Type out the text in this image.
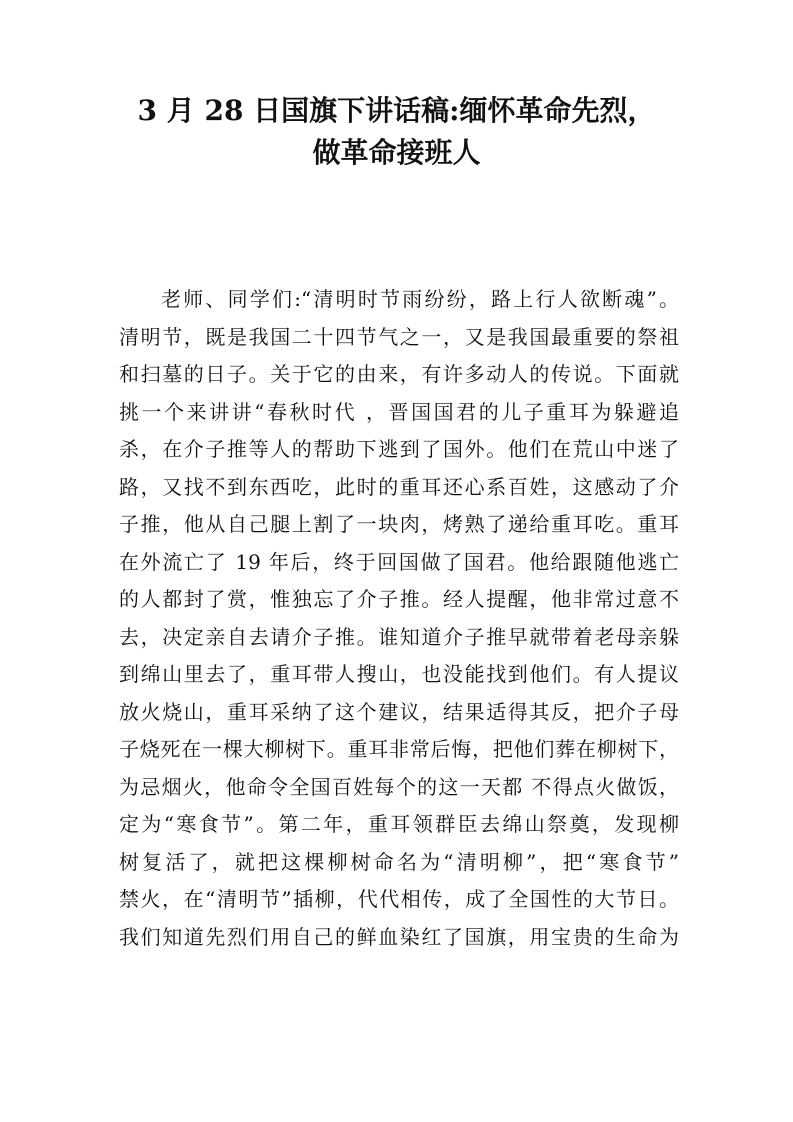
3 月 28 日国旗下讲话稿:缅怀革命先烈，
做革命接班人
老师、同学们:“清明时节雨纷纷，路上行人欲断魂”。
清明节，既是我国二十四节气之一，又是我国最重要的祭祖
和扫墓的日子。关于它的由来，有许多动人的传说。下面就
挑一个来讲讲“春秋时代 ，晋国国君的儿子重耳为躲避追
杀，在介子推等人的帮助下逃到了国外。他们在荒山中迷了
路，又找不到东西吃，此时的重耳还心系百姓，这感动了介
子推，他从自己腿上割了一块肉，烤熟了递给重耳吃。重耳
在外流亡了 19 年后，终于回国做了国君。他给跟随他逃亡
的人都封了赏，惟独忘了介子推。经人提醒，他非常过意不
去，决定亲自去请介子推。谁知道介子推早就带着老母亲躲
到绵山里去了，重耳带人搜山，也没能找到他们。有人提议
放火烧山，重耳采纳了这个建议，结果适得其反，把介子母
子烧死在一棵大柳树下。重耳非常后悔，把他们葬在柳树下，
为忌烟火，他命令全国百姓每个的这一天都 不得点火做饭，
定为“寒食节”。第二年，重耳领群臣去绵山祭奠，发现柳
树复活了，就把这棵柳树命名为“清明柳”，把“寒食节”
禁火，在“清明节”插柳，代代相传，成了全国性的大节日。
我们知道先烈们用自己的鲜血染红了国旗，用宝贵的生命为
